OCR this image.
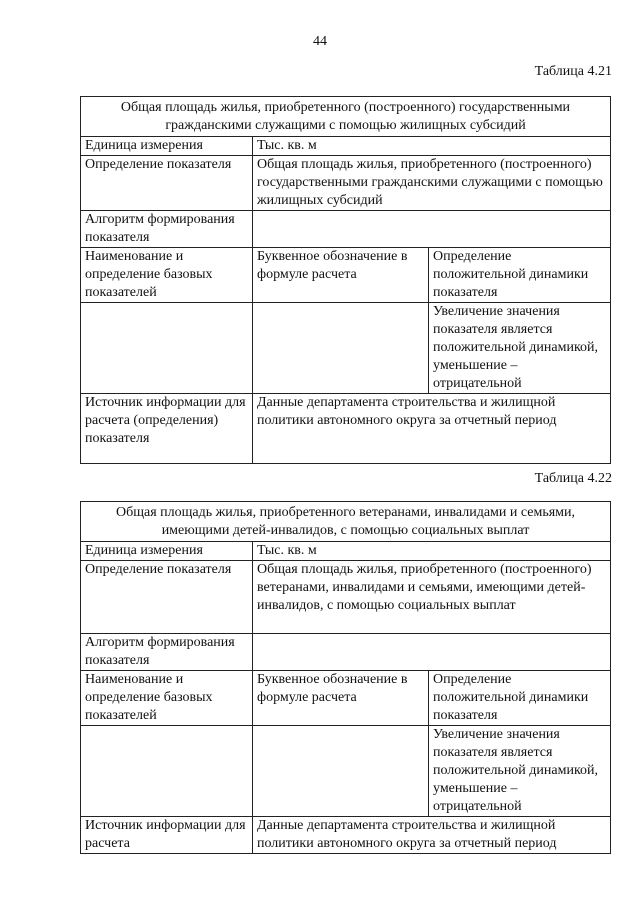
44
Таблица 4.21
Общая площадь жилья, приобретенного (построенного) государственными гражданскими служащими с помощью жилищных субсидий		
Единица измерения	Тыс. кв. м	
Определение показателя	Общая площадь жилья, приобретенного (построенного) государственными гражданскими служащими с помощью жилищных субсидий	
Алгоритм формирования показателя		
Наименование и определение базовых показателей	Буквенное обозначение в формуле расчета	Определение положительной динамики показателя
		Увеличение значения показателя является положительной динамикой, уменьшение – отрицательной
Источник информации для расчета (определения) показателя	Данные департамента строительства и жилищной политики автономного округа за отчетный период	
Таблица 4.22
Общая площадь жилья, приобретенного ветеранами, инвалидами и семьями, имеющими детей-инвалидов, с помощью социальных выплат		
Единица измерения	Тыс. кв. м	
Определение показателя	Общая площадь жилья, приобретенного (построенного) ветеранами, инвалидами и семьями, имеющими детей-инвалидов, с помощью социальных выплат	
Алгоритм формирования показателя		
Наименование и определение базовых показателей	Буквенное обозначение в формуле расчета	Определение положительной динамики показателя
		Увеличение значения показателя является положительной динамикой, уменьшение – отрицательной
Источник информации для расчета	Данные департамента строительства и жилищной политики автономного округа за отчетный период	
